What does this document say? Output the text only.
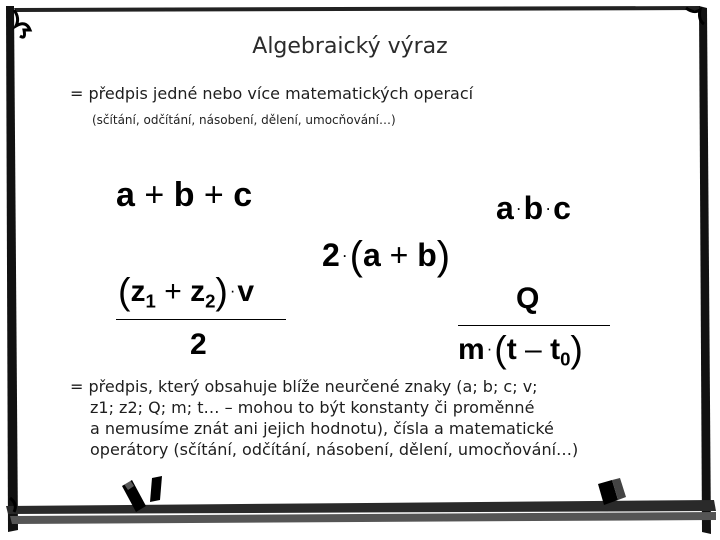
Algebraický výraz
= předpis jedné nebo více matematických operací
(sčítání, odčítání, násobení, dělení, umocňování…)
a + b + c	a ·b ·c
2 ·(a + b)
$(z_1 + z_2) \cdot v$
2
Q
$m \cdot(t - t_0)$
= předpis, který obsahuje blíže neurčené znaky (a; b; c; v;
z1; z2; Q; m; t… – mohou to být konstanty či proměnné
a nemusíme znát ani jejich hodnotu), čísla a matematické
operátory (sčítání, odčítání, násobení, dělení, umocňování…)
